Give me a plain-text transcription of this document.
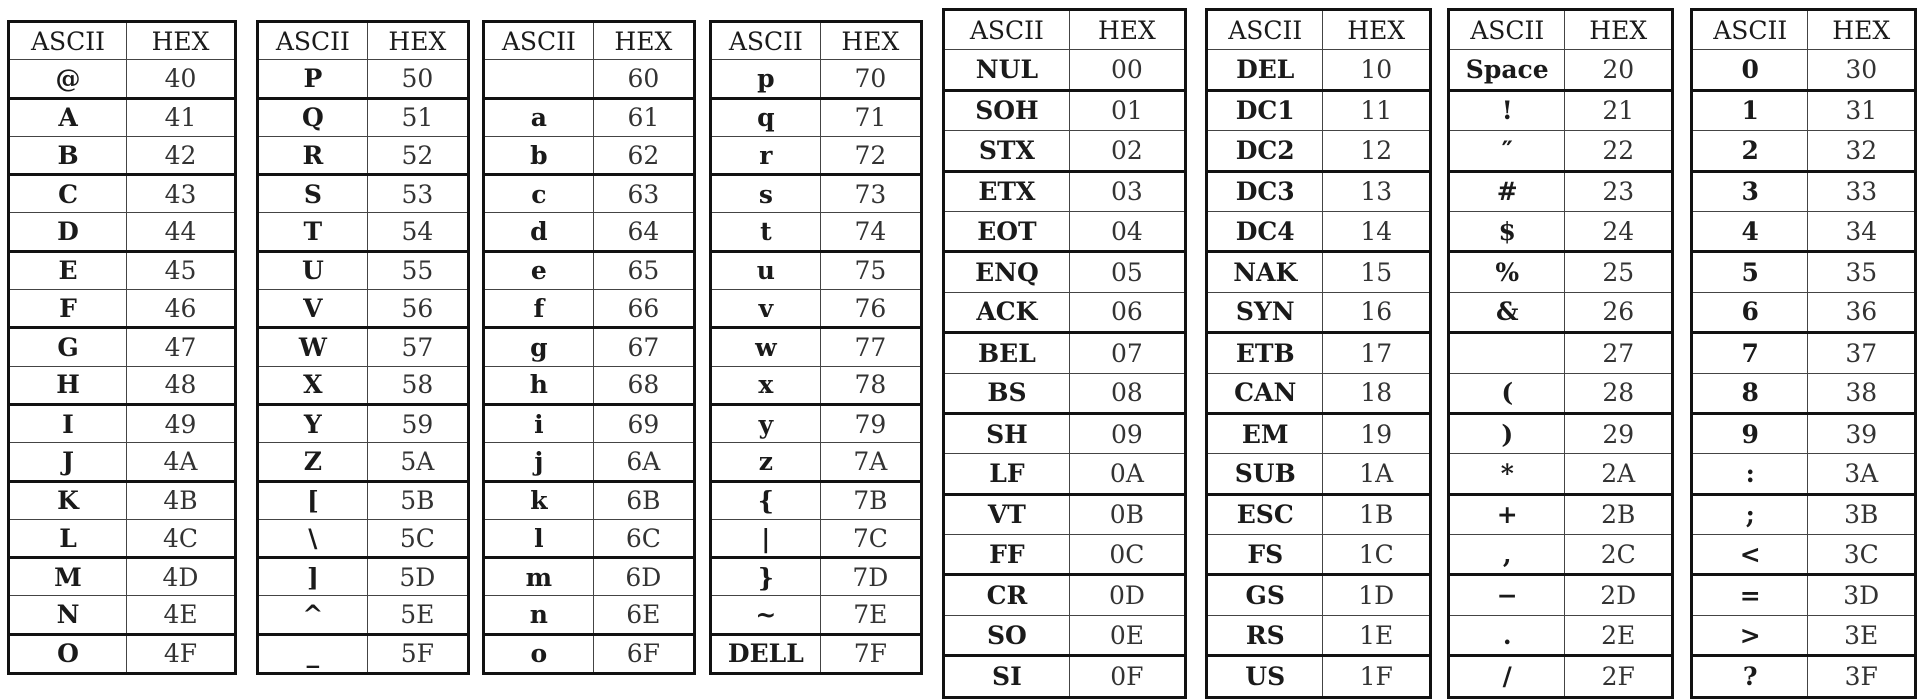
ASCII	HEX
@	40
A	41
B	42
C	43
D	44
E	45
F	46
G	47
H	48
I	49
J	4A
K	4B
L	4C
M	4D
N	4E
O	4F
ASCII	HEX
P	50
Q	51
R	52
S	53
T	54
U	55
V	56
W	57
X	58
Y	59
Z	5A
[	5B
\	5C
]	5D
^	5E
_	5F
ASCII	HEX
	60
a	61
b	62
c	63
d	64
e	65
f	66
g	67
h	68
i	69
j	6A
k	6B
l	6C
m	6D
n	6E
o	6F
ASCII	HEX
p	70
q	71
r	72
s	73
t	74
u	75
v	76
w	77
x	78
y	79
z	7A
{	7B
|	7C
}	7D
~	7E
DELL	7F
ASCII	HEX
NUL	00
SOH	01
STX	02
ETX	03
EOT	04
ENQ	05
ACK	06
BEL	07
BS	08
SH	09
LF	0A
VT	0B
FF	0C
CR	0D
SO	0E
SI	0F
ASCII	HEX
DEL	10
DC1	11
DC2	12
DC3	13
DC4	14
NAK	15
SYN	16
ETB	17
CAN	18
EM	19
SUB	1A
ESC	1B
FS	1C
GS	1D
RS	1E
US	1F
ASCII	HEX
Space	20
!	21
″	22
#	23
$	24
%	25
&	26
	27
(	28
)	29
*	2A
+	2B
,	2C
−	2D
.	2E
/	2F
ASCII	HEX
0	30
1	31
2	32
3	33
4	34
5	35
6	36
7	37
8	38
9	39
:	3A
;	3B
<	3C
=	3D
>	3E
?	3F
